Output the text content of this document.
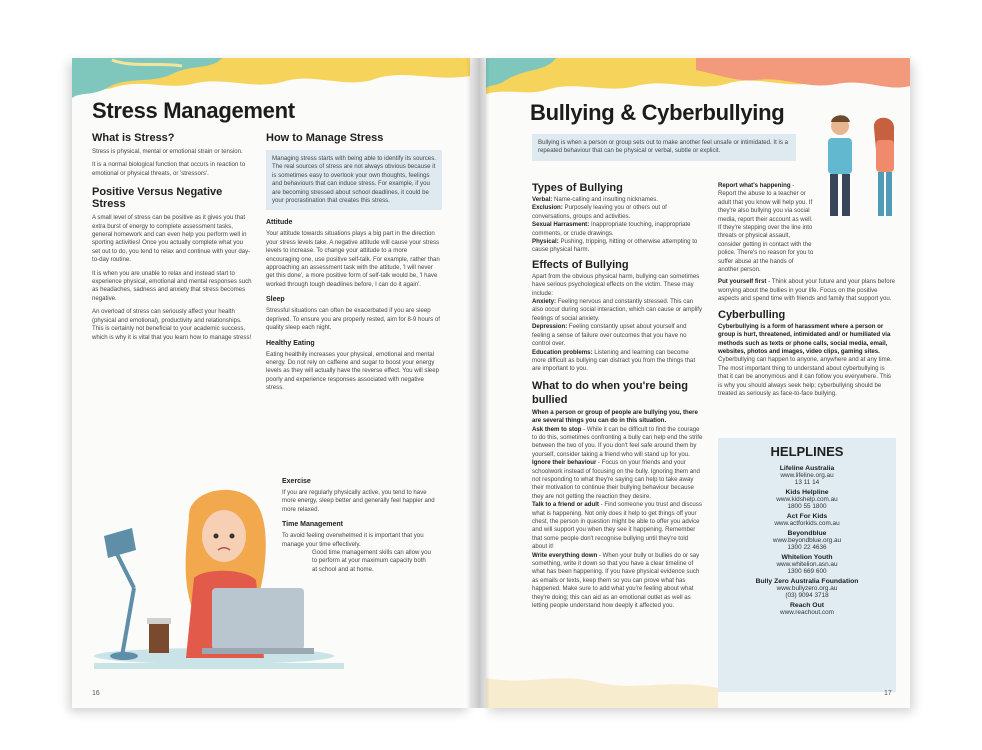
Stress Management
What is Stress?

Stress is physical, mental or emotional strain or tension.

It is a normal biological function that occurs in reaction to emotional or physical threats, or 'stressors'.

Positive Versus Negative Stress

A small level of stress can be positive as it gives you that extra burst of energy to complete assessment tasks, general homework and can even help you perform well in sporting activities! Once you actually complete what you set out to do, you tend to relax and continue with your day-to-day routine.

It is when you are unable to relax and instead start to experience physical, emotional and mental responses such as headaches, sadness and anxiety that stress becomes negative.

An overload of stress can seriously affect your health (physical and emotional), productivity and relationships. This is certainly not beneficial to your academic success, which is why it is vital that you learn how to manage stress!

How to Manage Stress
Managing stress starts with being able to identify its sources. The real sources of stress are not always obvious because it is sometimes easy to overlook your own thoughts, feelings and behaviours that can induce stress. For example, if you are becoming stressed about school deadlines, it could be your procrastination that creates this stress.
Attitude
Your attitude towards situations plays a big part in the direction your stress levels take. A negative attitude will cause your stress levels to increase. To change your attitude to a more encouraging one, use positive self-talk. For example, rather than approaching an assessment task with the attitude, 'I will never get this done', a more positive form of self-talk would be, 'I have worked through tough deadlines before, I can do it again'.
Sleep
Stressful situations can often be exacerbated if you are sleep deprived. To ensure you are properly rested, aim for 8-9 hours of quality sleep each night.
Healthy Eating
Eating healthily increases your physical, emotional and mental energy. Do not rely on caffeine and sugar to boost your energy levels as they will actually have the reverse effect. You will sleep poorly and experience responses associated with negative stress.
Exercise
If you are regularly physically active, you tend to have more energy, sleep better and generally feel happier and more relaxed.
Time Management
To avoid feeling overwhelmed it is important that you manage your time effectively.
Good time management skills can allow you to perform at your maximum capacity both at school and at home.
16
Bullying & Cyberbullying
Bullying is when a person or group sets out to make another feel unsafe or intimidated. It is a repeated behaviour that can be physical or verbal, subtle or explicit.
Types of Bullying
Verbal: Name-calling and insulting nicknames.
Exclusion: Purposely leaving you or others out of conversations, groups and activities.
Sexual Harrasment: Inappropriate touching, inappropriate comments, or crude drawings.
Physical: Pushing, tripping, hitting or otherwise attempting to cause physical harm.
Effects of Bullying
Apart from the obvious physical harm, bullying can sometimes have serious psychological effects on the victim. These may include:
Anxiety: Feeling nervous and constantly stressed. This can also occur during social interaction, which can cause or amplify feelings of social anxiety.
Depression: Feeling constantly upset about yourself and feeling a sense of failure over outcomes that you have no control over.
Education problems: Listening and learning can become more difficult as bullying can distract you from the things that are important to you.
What to do when you're being bullied
When a person or group of people are bullying you, there are several things you can do in this situation.
Ask them to stop - While it can be difficult to find the courage to do this, sometimes confronting a bully can help end the strife between the two of you. If you don't feel safe around them by yourself, consider taking a friend who will stand up for you.
Ignore their behaviour - Focus on your friends and your schoolwork instead of focusing on the bully. Ignoring them and not responding to what they're saying can help to take away their motivation to continue their bullying behaviour because they are not getting the reaction they desire.
Talk to a friend or adult - Find someone you trust and discuss what is happening. Not only does it help to get things off your chest, the person in question might be able to offer you advice and will support you when they see it happening. Remember that some people don't recognise bullying until they're told about it!
Write everything down - When your bully or bullies do or say something, write it down so that you have a clear timeline of what has been happening. If you have physical evidence such as emails or texts, keep them so you can prove what has happened. Make sure to add what you're feeling about what they're doing; this can aid as an emotional outlet as well as letting people understand how deeply it affected you.
Report what's happening - Report the abuse to a teacher or adult that you know will help you. If they're also bullying you via social media, report their account as well. If they're stepping over the line into threats or physical assault, consider getting in contact with the police. There's no reason for you to suffer abuse at the hands of another person.
Put yourself first - Think about your future and your plans before worrying about the bullies in your life. Focus on the positive aspects and spend time with friends and family that support you.
Cyberbulling
Cyberbullying is a form of harassment where a person or group is hurt, threatened, intimidated and/ or humiliated via methods such as texts or phone calls, social media, email, websites, photos and images, video clips, gaming sites.
Cyberbullying can happen to anyone, anywhere and at any time. The most important thing to understand about cyberbullying is that it can be anonymous and it can follow you everywhere. This is why you should always seek help; cyberbullying should be treated as seriously as face-to-face bullying.
HELPLINES
Lifeline Australia
www.lifeline.org.au
13 11 14
Kids Helpline
www.kidshelp.com.au
1800 55 1800
Act For Kids
www.actforkids.com.au
Beyondblue
www.beyondblue.org.au
1300 22 4636
Whitelion Youth
www.whitelion.asn.au
1300 669 600
Bully Zero Australia Foundation
www.bullyzero.org.au
(03) 9094 3718
Reach Out
www.reachout.com
17
